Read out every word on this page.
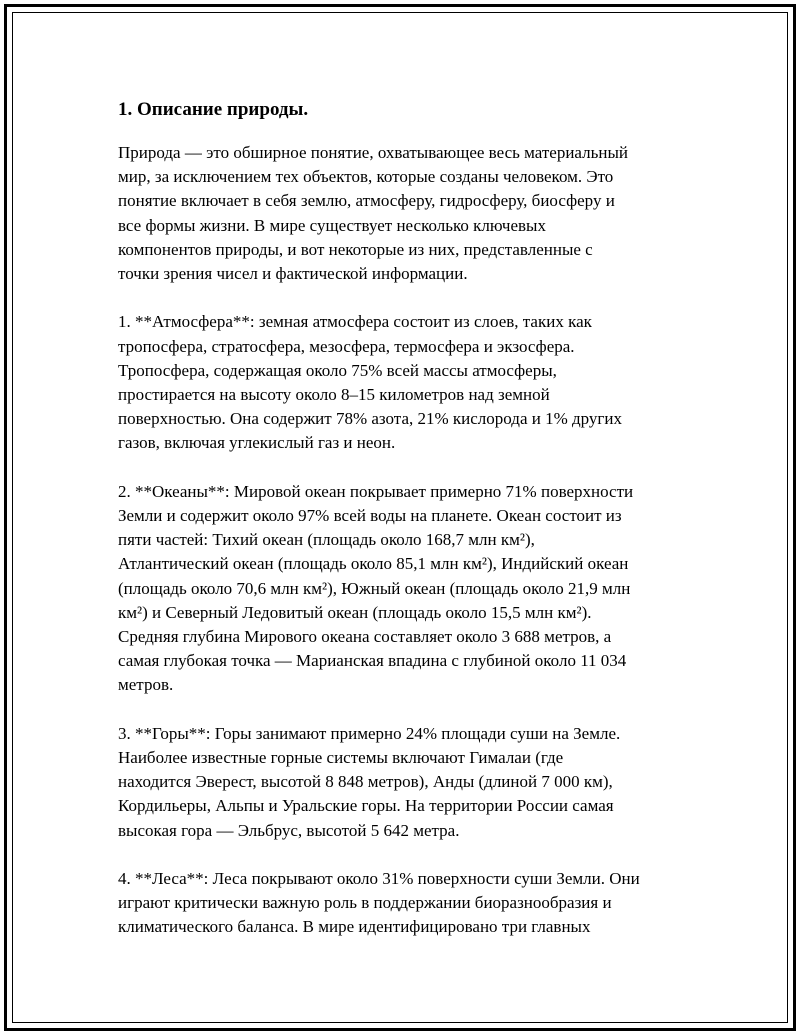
1. Описание природы.
Природа — это обширное понятие, охватывающее весь материальный
мир, за исключением тех объектов, которые созданы человеком. Это
понятие включает в себя землю, атмосферу, гидросферу, биосферу и
все формы жизни. В мире существует несколько ключевых
компонентов природы, и вот некоторые из них, представленные с
точки зрения чисел и фактической информации.
1. **Атмосфера**: земная атмосфера состоит из слоев, таких как
тропосфера, стратосфера, мезосфера, термосфера и экзосфера.
Тропосфера, содержащая около 75% всей массы атмосферы,
простирается на высоту около 8–15 километров над земной
поверхностью. Она содержит 78% азота, 21% кислорода и 1% других
газов, включая углекислый газ и неон.
2. **Океаны**: Мировой океан покрывает примерно 71% поверхности
Земли и содержит около 97% всей воды на планете. Океан состоит из
пяти частей: Тихий океан (площадь около 168,7 млн км²),
Атлантический океан (площадь около 85,1 млн км²), Индийский океан
(площадь около 70,6 млн км²), Южный океан (площадь около 21,9 млн
км²) и Северный Ледовитый океан (площадь около 15,5 млн км²).
Средняя глубина Мирового океана составляет около 3 688 метров, а
самая глубокая точка — Марианская впадина с глубиной около 11 034
метров.
3. **Горы**: Горы занимают примерно 24% площади суши на Земле.
Наиболее известные горные системы включают Гималаи (где
находится Эверест, высотой 8 848 метров), Анды (длиной 7 000 км),
Кордильеры, Альпы и Уральские горы. На территории России самая
высокая гора — Эльбрус, высотой 5 642 метра.
4. **Леса**: Леса покрывают около 31% поверхности суши Земли. Они
играют критически важную роль в поддержании биоразнообразия и
климатического баланса. В мире идентифицировано три главных
